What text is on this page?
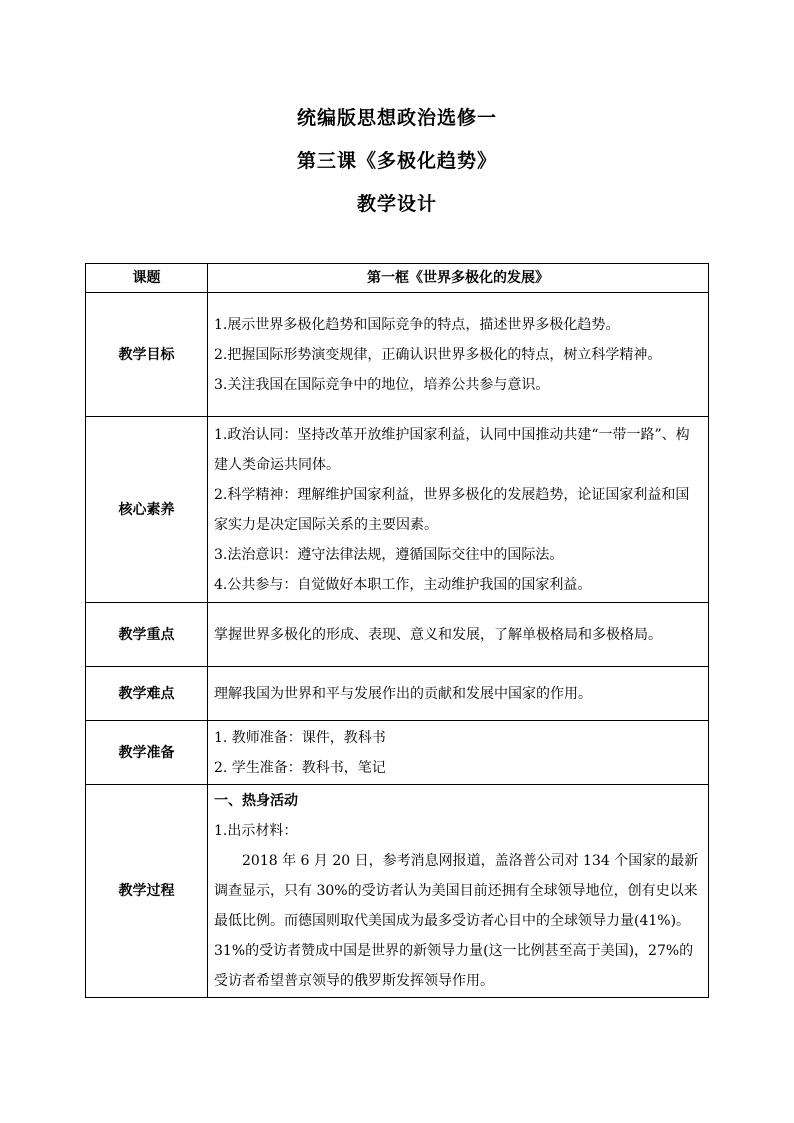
统编版思想政治选修一
第三课《多极化趋势》
教学设计
课题	第一框《世界多极化的发展》
教学目标	1.展示世界多极化趋势和国际竞争的特点，描述世界多极化趋势。
2.把握国际形势演变规律，正确认识世界多极化的特点，树立科学精神。
3.关注我国在国际竞争中的地位，培养公共参与意识。

核心素养	1.政治认同：坚持改革开放维护国家利益，认同中国推动共建“一带一路”、构建人类命运共同体。
2.科学精神：理解维护国家利益，世界多极化的发展趋势，论证国家利益和国家实力是决定国际关系的主要因素。
3.法治意识：遵守法律法规，遵循国际交往中的国际法。
4.公共参与：自觉做好本职工作，主动维护我国的国家利益。

教学重点	掌握世界多极化的形成、表现、意义和发展，了解单极格局和多极格局。
教学难点	理解我国为世界和平与发展作出的贡献和发展中国家的作用。
教学准备	1. 教师准备：课件，教科书
2. 学生准备：教科书，笔记

教学过程	一、热身活动
1.出示材料：
2018 年 6 月 20 日，参考消息网报道，盖洛普公司对 134 个国家的最新调查显示，只有 30%的受访者认为美国目前还拥有全球领导地位，创有史以来最低比例。而德国则取代美国成为最多受访者心目中的全球领导力量(41%)。31%的受访者赞成中国是世界的新领导力量(这一比例甚至高于美国)，27%的受访者希望普京领导的俄罗斯发挥领导作用。
